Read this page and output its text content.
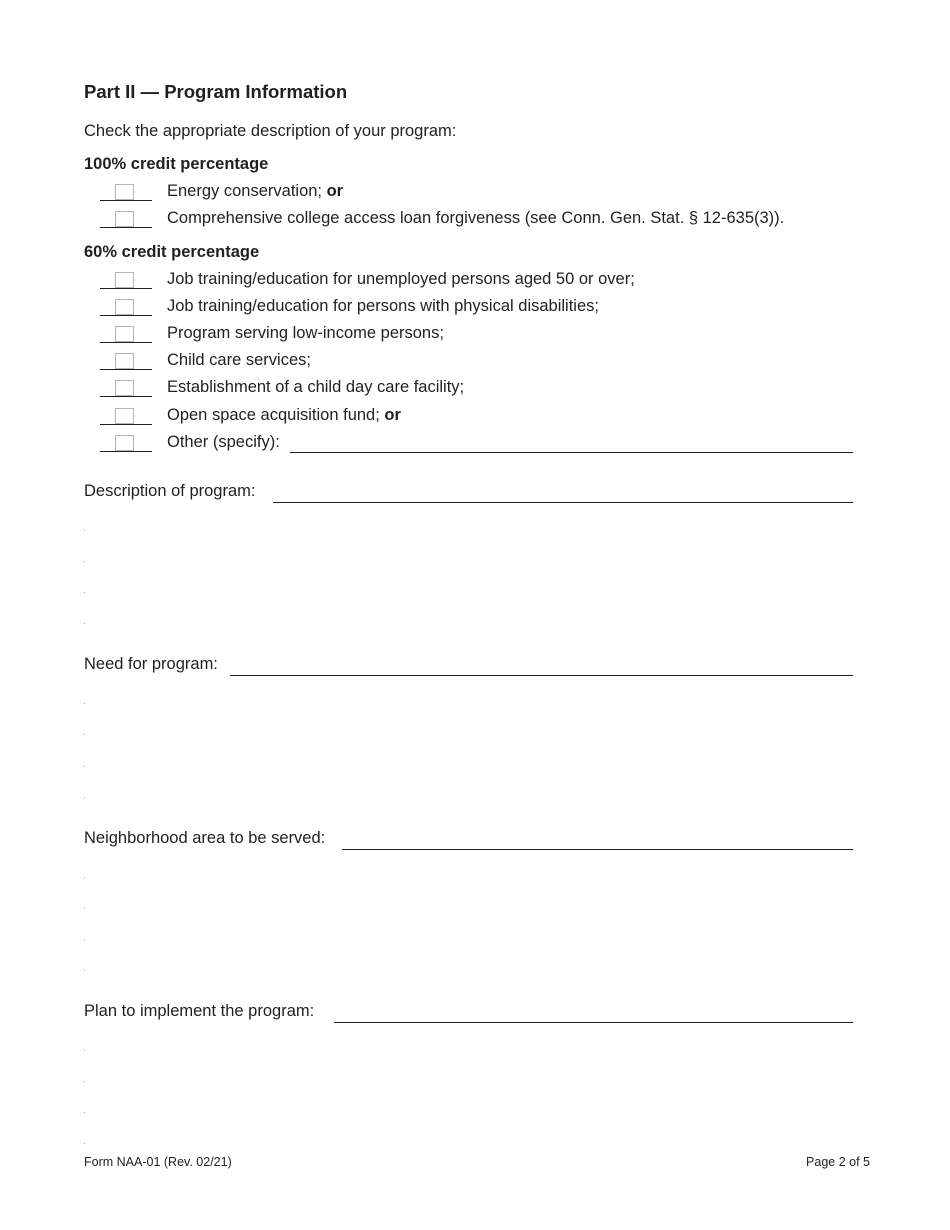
Part II — Program Information
Check the appropriate description of your program:
100% credit percentage
Energy conservation; or
Comprehensive college access loan forgiveness (see Conn. Gen. Stat. § 12-635(3)).
60% credit percentage
Job training/education for unemployed persons aged 50 or over;
Job training/education for persons with physical disabilities;
Program serving low-income persons;
Child care services;
Establishment of a child day care facility;
Open space acquisition fund; or
Other (specify):
Description of program:
Need for program:
Neighborhood area to be served:
Plan to implement the program:
Form NAA-01 (Rev. 02/21)	Page 2 of 5
